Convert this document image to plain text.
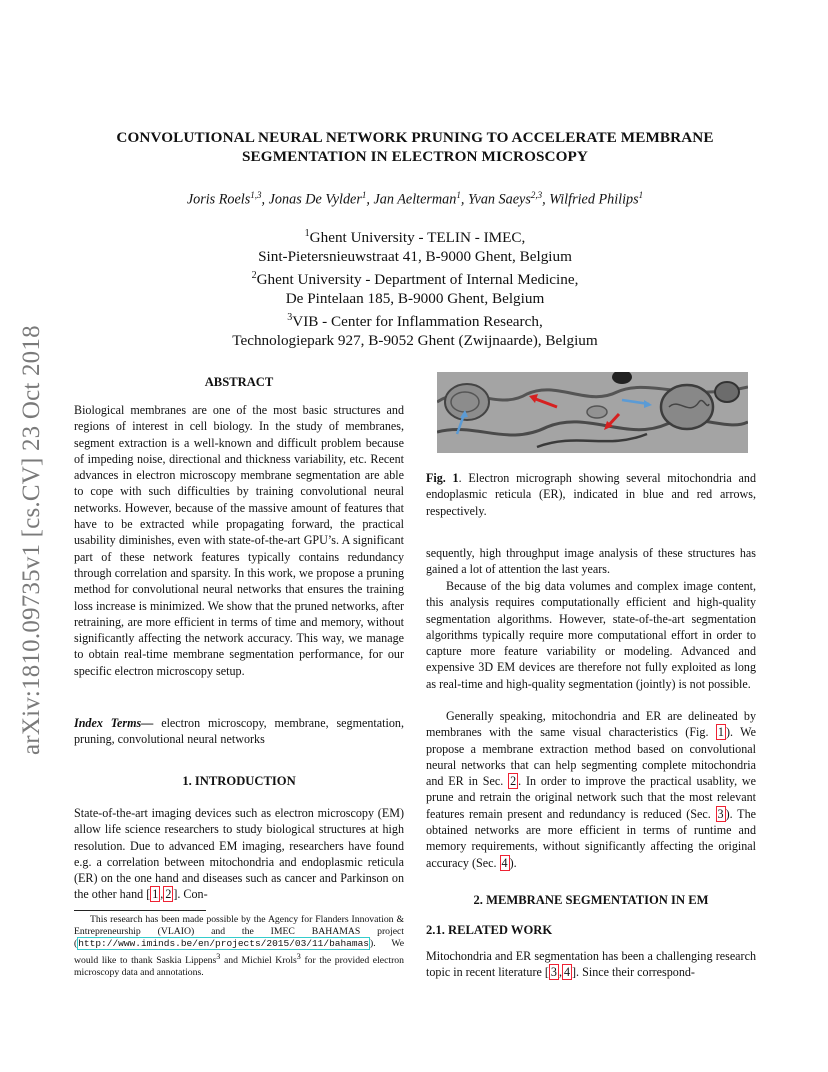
CONVOLUTIONAL NEURAL NETWORK PRUNING TO ACCELERATE MEMBRANE
SEGMENTATION IN ELECTRON MICROSCOPY
Joris Roels$^{1,3}$, Jonas De Vylder$^1$, Jan Aelterman$^1$, Yvan Saeys$^{2,3}$, Wilfried Philips$^1$
$^1$Ghent University - TELIN - IMEC,
Sint-Pietersnieuwstraat 41, B-9000 Ghent, Belgium
$^2$Ghent University - Department of Internal Medicine,
De Pintelaan 185, B-9000 Ghent, Belgium
$^3$VIB - Center for Inflammation Research,
Technologiepark 927, B-9052 Ghent (Zwijnaarde), Belgium
arXiv:1810.09735v1 [cs.CV] 23 Oct 2018	ABSTRACT

Biological membranes are one of the most basic structures and regions of interest in cell biology. In the study of membranes, segment extraction is a well-known and difficult problem because of impeding noise, directional and thickness variability, etc. Recent advances in electron microscopy membrane segmentation are able to cope with such difficulties by training convolutional neural networks. However, because of the massive amount of features that have to be extracted while propagating forward, the practical usability diminishes, even with state-of-the-art GPU’s. A significant part of these network features typically contains redundancy through correlation and sparsity. In this work, we propose a pruning method for convolutional neural networks that ensures the training loss increase is minimized. We show that the pruned networks, after retraining, are more efficient in terms of time and memory, without significantly affecting the network accuracy. This way, we manage to obtain real-time membrane segmentation performance, for our specific electron microscopy setup.

Index Terms— electron microscopy, membrane, segmentation, pruning, convolutional neural networks

1. INTRODUCTION

State-of-the-art imaging devices such as electron microscopy (EM) allow life science researchers to study biological structures at high resolution. Due to advanced EM imaging, researchers have found e.g. a correlation between mitochondria and endoplasmic reticula (ER) on the one hand and diseases such as cancer and Parkinson on the other hand [ 1 , 2 ]. Con-

This research has been made possible by the Agency for Flanders Innovation & Entrepreneurship (VLAIO) and the IMEC BAHAMAS project (http://www.iminds.be/en/projects/2015/03/11/bahamas). We would like to thank Saskia Lippens$^3$ and Michiel Krols$^3$ for the provided electron microscopy data and annotations.

Fig. 1. Electron micrograph showing several mitochondria and endoplasmic reticula (ER), indicated in blue and red arrows, respectively.

sequently, high throughput image analysis of these structures has gained a lot of attention the last years.

Because of the big data volumes and complex image content, this analysis requires computationally efficient and high-quality segmentation algorithms. However, state-of-the-art segmentation algorithms typically require more computational effort in order to capture more feature variability or modeling. Advanced and expensive 3D EM devices are therefore not fully exploited as long as real-time and high-quality segmentation (jointly) is not possible.

Generally speaking, mitochondria and ER are delineated by membranes with the same visual characteristics (Fig. 1 ). We propose a membrane extraction method based on convolutional neural networks that can help segmenting complete mitochondria and ER in Sec. 2 . In order to improve the practical usablity, we prune and retrain the original network such that the most relevant features remain present and redundancy is reduced (Sec. 3 ). The obtained networks are more efficient in terms of runtime and memory requirements, without significantly affecting the original accuracy (Sec. 4 ).

2. MEMBRANE SEGMENTATION IN EM
2.1. RELATED WORK

Mitochondria and ER segmentation has been a challenging research topic in recent literature [ 3 , 4 ]. Since their correspond-
